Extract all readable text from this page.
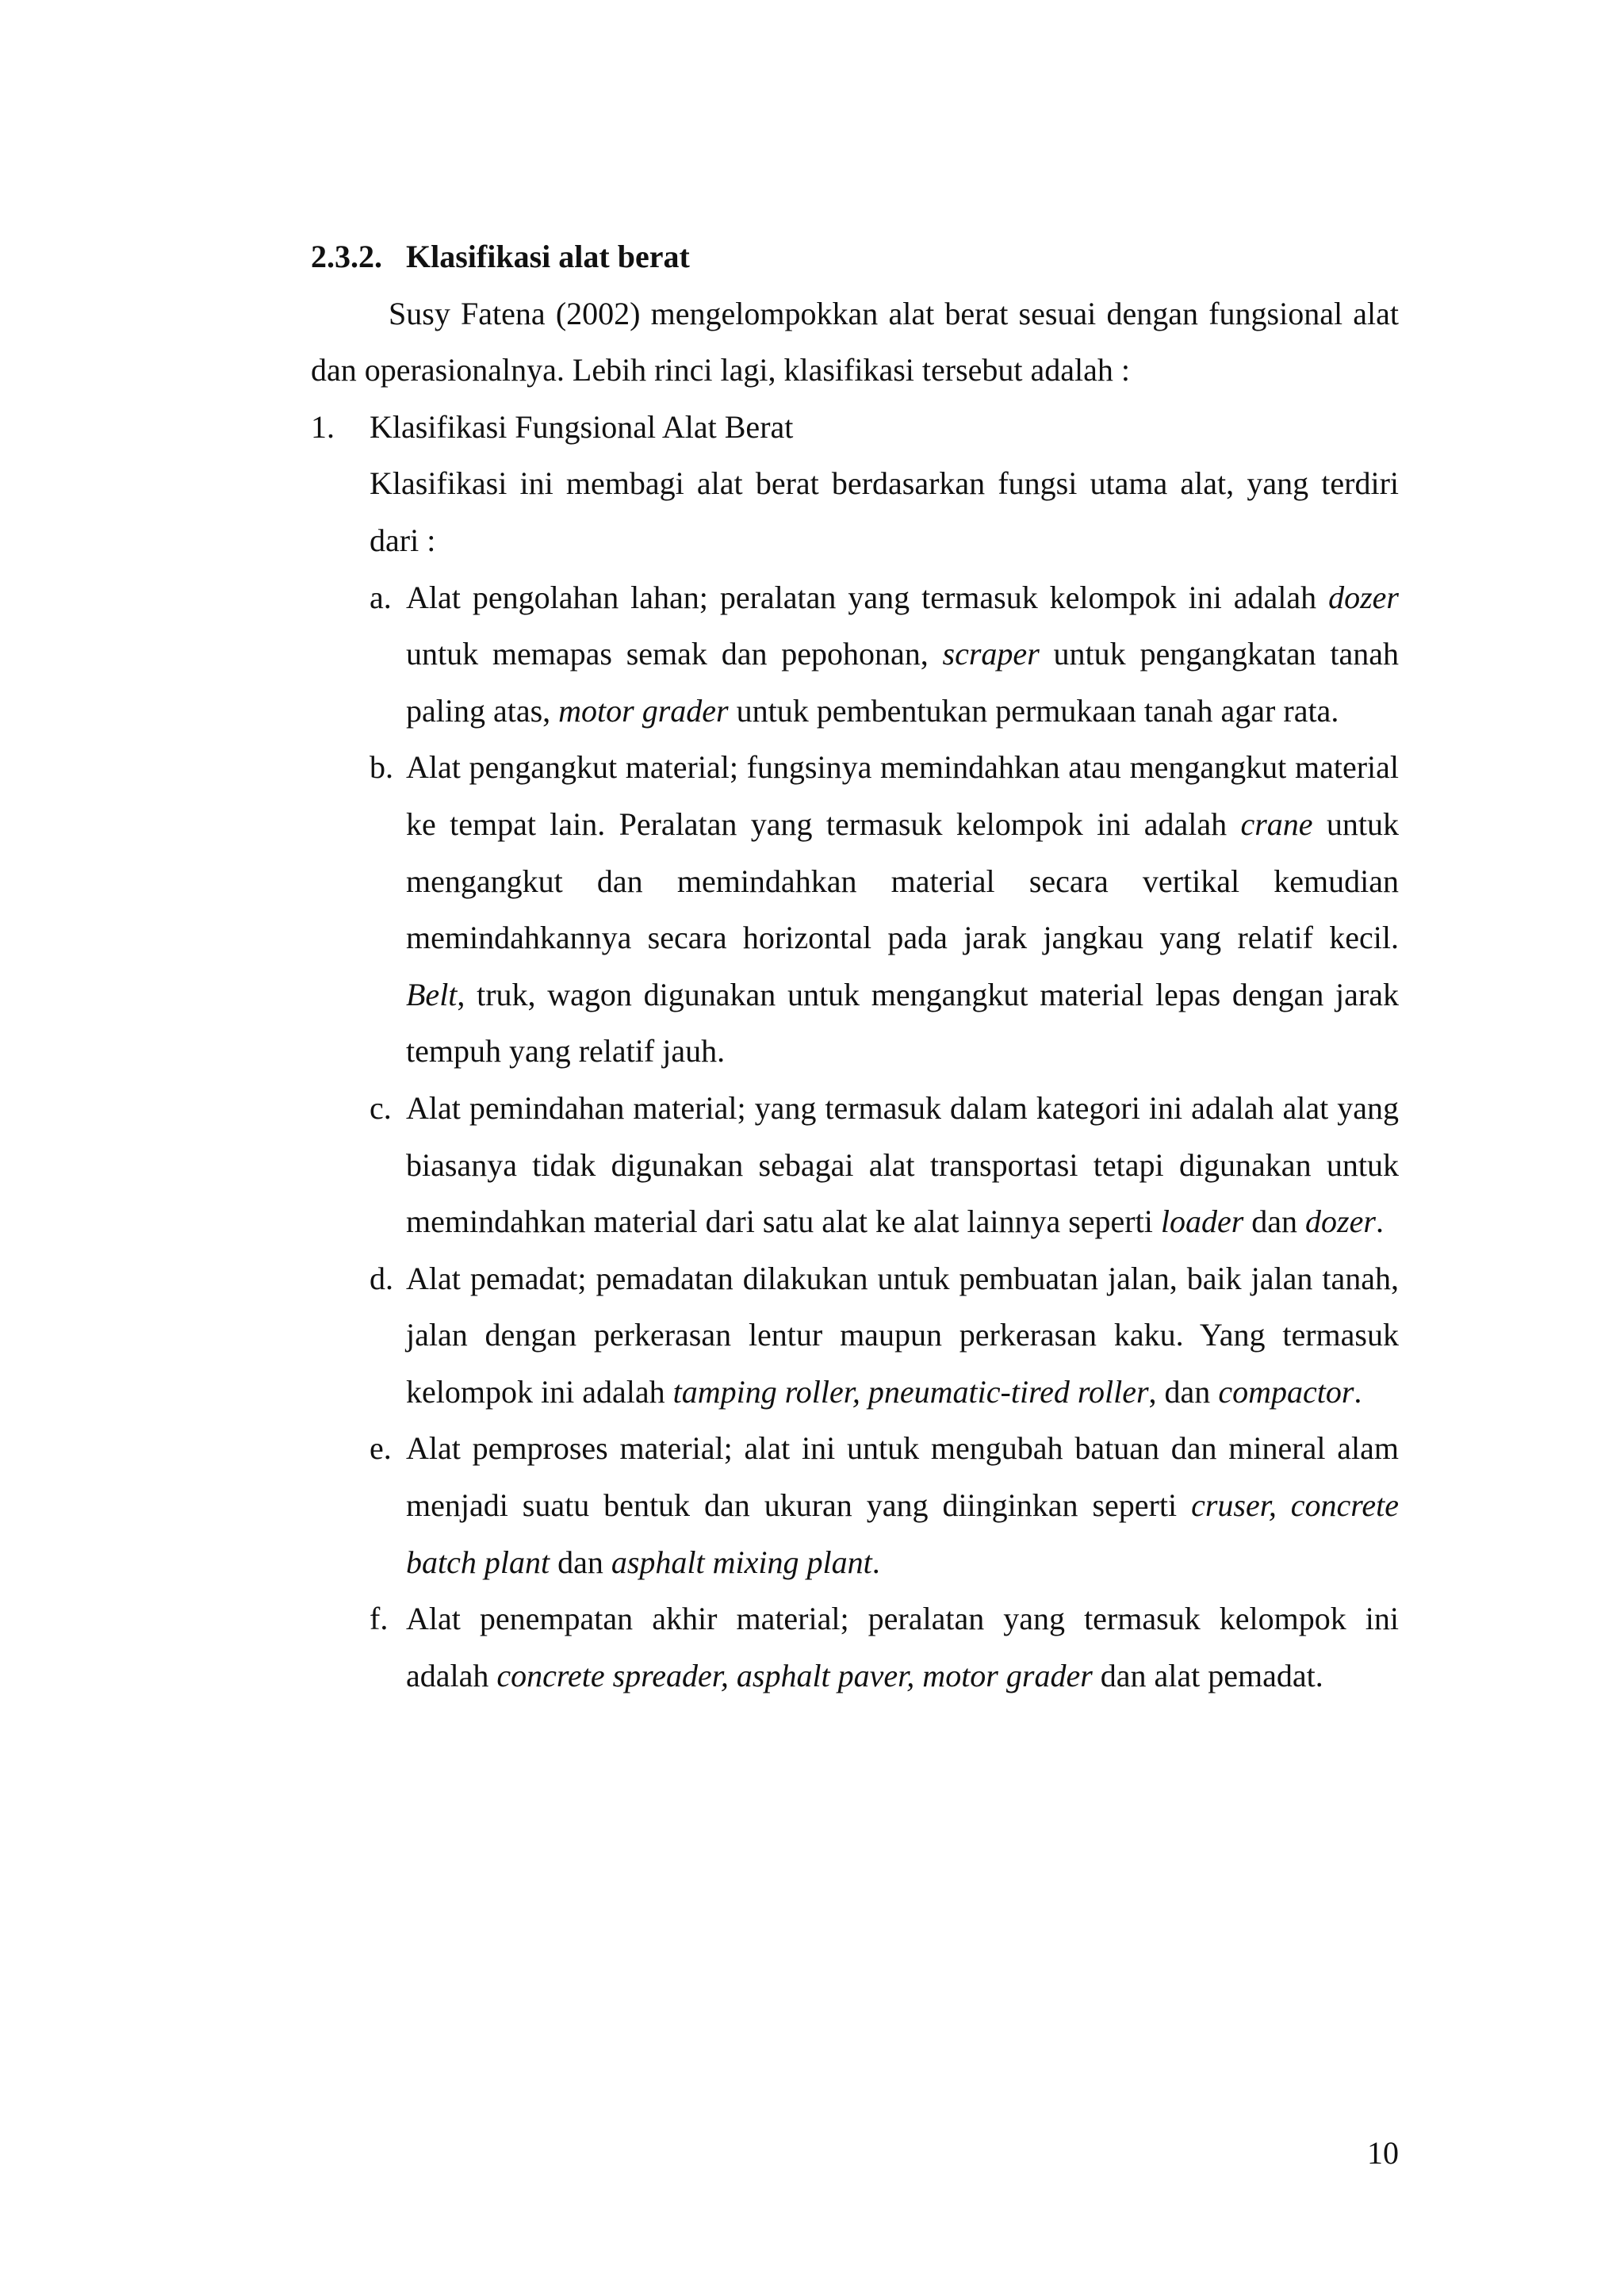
2.3.2. Klasifikasi alat berat

Susy Fatena (2002) mengelompokkan alat berat sesuai dengan fungsional alat dan operasionalnya. Lebih rinci lagi, klasifikasi tersebut adalah :

1.	Klasifikasi Fungsional Alat Berat

Klasifikasi ini membagi alat berat berdasarkan fungsi utama alat, yang terdiri dari :

a. Alat pengolahan lahan; peralatan yang termasuk kelompok ini adalah dozer untuk memapas semak dan pepohonan, scraper untuk pengangkatan tanah paling atas, motor grader untuk pembentukan permukaan tanah agar rata.
b. Alat pengangkut material; fungsinya memindahkan atau mengangkut material ke tempat lain. Peralatan yang termasuk kelompok ini adalah crane untuk mengangkut dan memindahkan material secara vertikal kemudian memindahkannya secara horizontal pada jarak jangkau yang relatif kecil. Belt, truk, wagon digunakan untuk mengangkut material lepas dengan jarak tempuh yang relatif jauh.
c. Alat pemindahan material; yang termasuk dalam kategori ini adalah alat yang biasanya tidak digunakan sebagai alat transportasi tetapi digunakan untuk memindahkan material dari satu alat ke alat lainnya seperti loader dan dozer.
d. Alat pemadat; pemadatan dilakukan untuk pembuatan jalan, baik jalan tanah, jalan dengan perkerasan lentur maupun perkerasan kaku. Yang termasuk kelompok ini adalah tamping roller, pneumatic-tired roller, dan compactor.
e. Alat pemproses material; alat ini untuk mengubah batuan dan mineral alam menjadi suatu bentuk dan ukuran yang diinginkan seperti cruser, concrete batch plant dan asphalt mixing plant.
f. Alat penempatan akhir material; peralatan yang termasuk kelompok ini adalah concrete spreader, asphalt paver, motor grader dan alat pemadat.
10
